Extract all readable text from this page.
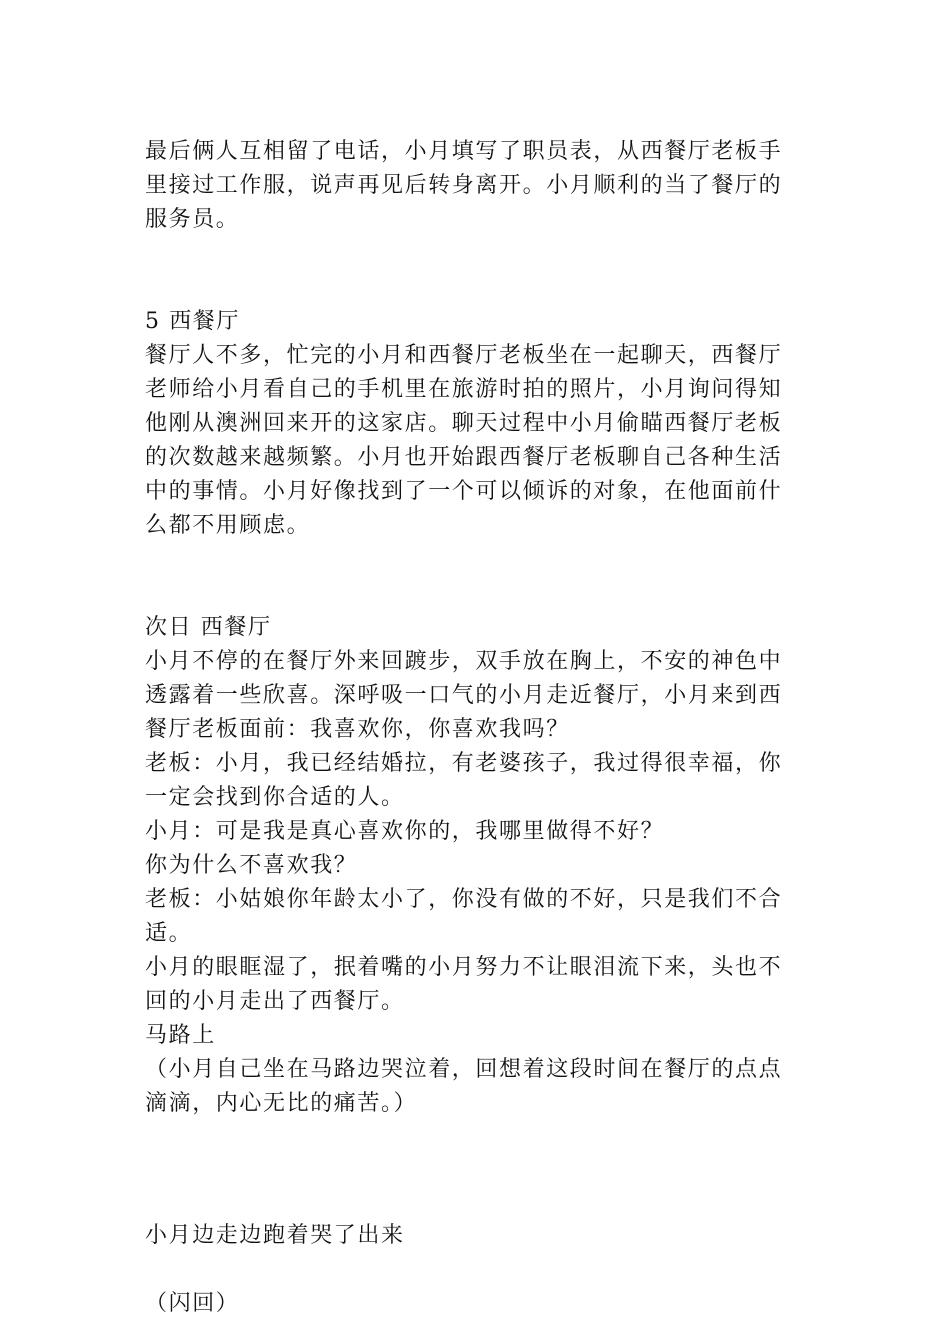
最后俩人互相留了电话，小月填写了职员表，从西餐厅老板手
里接过工作服，说声再见后转身离开。小月顺利的当了餐厅的
服务员。
5 西餐厅
餐厅人不多，忙完的小月和西餐厅老板坐在一起聊天，西餐厅
老师给小月看自己的手机里在旅游时拍的照片，小月询问得知
他刚从澳洲回来开的这家店。聊天过程中小月偷瞄西餐厅老板
的次数越来越频繁。小月也开始跟西餐厅老板聊自己各种生活
中的事情。小月好像找到了一个可以倾诉的对象，在他面前什
么都不用顾虑。
次日 西餐厅
小月不停的在餐厅外来回踱步，双手放在胸上，不安的神色中
透露着一些欣喜。深呼吸一口气的小月走近餐厅，小月来到西
餐厅老板面前：我喜欢你，你喜欢我吗？
老板：小月，我已经结婚拉，有老婆孩子，我过得很幸福，你
一定会找到你合适的人。
小月：可是我是真心喜欢你的，我哪里做得不好？
你为什么不喜欢我？
老板：小姑娘你年龄太小了，你没有做的不好，只是我们不合
适。
小月的眼眶湿了，抿着嘴的小月努力不让眼泪流下来，头也不
回的小月走出了西餐厅。
马路上
（小月自己坐在马路边哭泣着，回想着这段时间在餐厅的点点
滴滴，内心无比的痛苦。）
小月边走边跑着哭了出来
（闪回）
